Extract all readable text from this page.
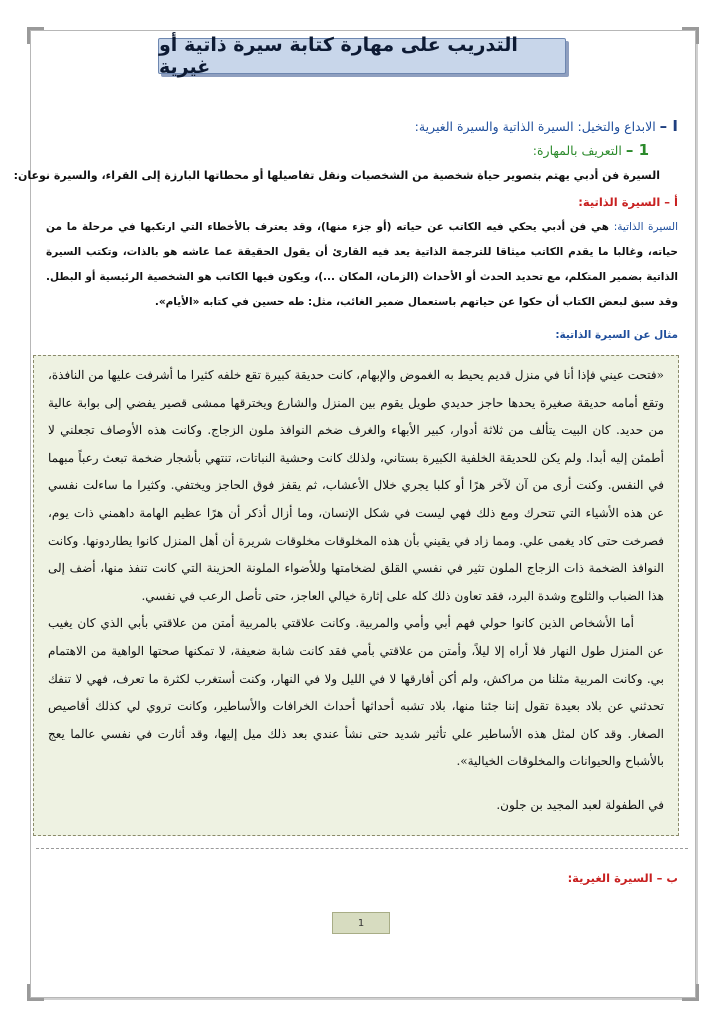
التدريب على مهارة كتابة سيرة ذاتية أو غيرية
I – الابداع والتخيل: السيرة الذاتية والسيرة الغيرية:
1 – التعريف بالمهارة:
السيرة فن أدبي يهتم بتصوير حياة شخصية من الشخصيات ونقل تفاصيلها أو محطاتها البارزة إلى القراء، والسيرة نوعان:
أ – السيرة الذاتية:
السيرة الذاتية: هي فن أدبي يحكي فيه الكاتب عن حياته (أو جزء منها)، وقد يعترف بالأخطاء التي ارتكبها في مرحلة ما من حياته، وغالبا ما يقدم الكاتب ميثاقا للترجمة الذاتية يعد فيه القارئ أن يقول الحقيقة عما عاشه هو بالذات، وتكتب السيرة الذاتية بضمير المتكلم، مع تحديد الحدث أو الأحداث (الزمان، المكان ...)، ويكون فيها الكاتب هو الشخصية الرئيسية أو البطل. وقد سبق لبعض الكتاب أن حكوا عن حياتهم باستعمال ضمير الغائب، مثل: طه حسين في كتابه «الأيام».
مثال عن السيرة الذاتية:

«فتحت عيني فإذا أنا في منزل قديم يحيط به الغموض والإبهام، كانت حديقة كبيرة تقع خلفه كثيرا ما أشرفت عليها من النافذة، وتقع أمامه حديقة صغيرة يحدها حاجز حديدي طويل يقوم بين المنزل والشارع ويخترقها ممشى قصير يفضي إلى بوابة عالية من حديد. كان البيت يتألف من ثلاثة أدوار، كبير الأبهاء والغرف ضخم النوافذ ملون الزجاج. وكانت هذه الأوصاف تجعلني لا أطمئن إليه أبدا. ولم يكن للحديقة الخلفية الكبيرة بستاني، ولذلك كانت وحشية النباتات، تنتهي بأشجار ضخمة تبعث رعباً مبهما في النفس. وكنت أرى من آن لآخر هرًا أو كلبا يجري خلال الأعشاب، ثم يقفز فوق الحاجز ويختفي. وكثيرا ما ساءلت نفسي عن هذه الأشياء التي تتحرك ومع ذلك فهي ليست في شكل الإنسان، وما أزال أذكر أن هرًا عظيم الهامة داهمني ذات يوم، فصرخت حتى كاد يغمى علي. ومما زاد في يقيني بأن هذه المخلوقات مخلوقات شريرة أن أهل المنزل كانوا يطاردونها. وكانت النوافذ الضخمة ذات الزجاج الملون تثير في نفسي القلق لضخامتها وللأضواء الملونة الحزينة التي كانت تنفذ منها، أضف إلى هذا الضباب والثلوج وشدة البرد، فقد تعاون ذلك كله على إثارة خيالي العاجز، حتى تأصل الرعب في نفسي.

أما الأشخاص الذين كانوا حولي فهم أبي وأمي والمربية. وكانت علاقتي بالمربية أمتن من علاقتي بأبي الذي كان يغيب عن المنزل طول النهار فلا أراه إلا ليلاً، وأمتن من علاقتي بأمي فقد كانت شابة ضعيفة، لا تمكنها صحتها الواهية من الاهتمام بي. وكانت المربية مثلنا من مراكش، ولم أكن أفارقها لا في الليل ولا في النهار، وكنت أستغرب لكثرة ما تعرف، فهي لا تنفك تحدثني عن بلاد بعيدة تقول إننا جئنا منها، بلاد تشبه أحداثها أحداث الخرافات والأساطير، وكانت تروي لي كذلك أقاصيص الصغار. وقد كان لمثل هذه الأساطير علي تأثير شديد حتى نشأ عندي بعد ذلك ميل إليها، وقد أثارت في نفسي عالما يعج بالأشباح والحيوانات والمخلوقات الخيالية».

في الطفولة لعبد المجيد بن جلون.
ب – السيرة الغيرية:
1
